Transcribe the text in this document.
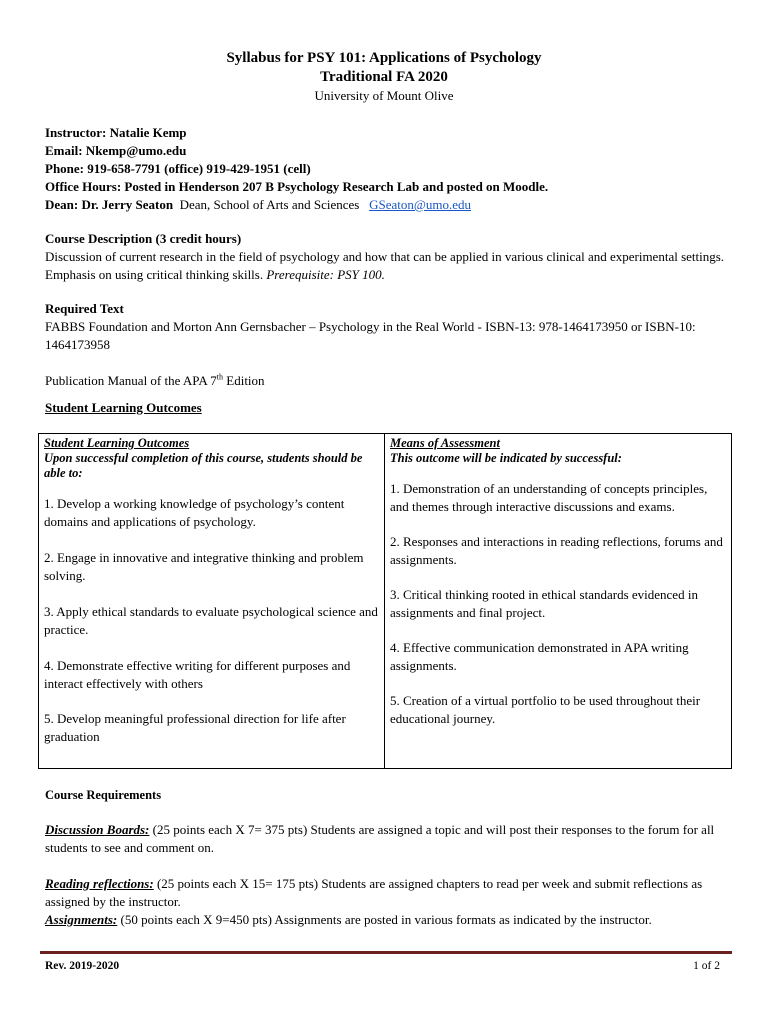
Syllabus for PSY 101: Applications of Psychology
Traditional FA 2020
University of Mount Olive
Instructor: Natalie Kemp
Email: Nkemp@umo.edu
Phone: 919-658-7791 (office) 919-429-1951 (cell)
Office Hours: Posted in Henderson 207 B Psychology Research Lab and posted on Moodle.
Dean: Dr. Jerry Seaton  Dean, School of Arts and Sciences   GSeaton@umo.edu
Course Description (3 credit hours)
Discussion of current research in the field of psychology and how that can be applied in various clinical and experimental settings. Emphasis on using critical thinking skills. Prerequisite: PSY 100.
Required Text
FABBS Foundation and Morton Ann Gernsbacher – Psychology in the Real World - ISBN-13: 978-1464173950 or ISBN-10: 1464173958
Publication Manual of the APA 7th Edition
Student Learning Outcomes
Student Learning Outcomes
Upon successful completion of this course, students should be able to:
1. Develop a working knowledge of psychology’s content domains and applications of psychology.
2. Engage in innovative and integrative thinking and problem solving.
3. Apply ethical standards to evaluate psychological science and practice.
4. Demonstrate effective writing for different purposes and interact effectively with others
5. Develop meaningful professional direction for life after graduation

Means of Assessment
This outcome will be indicated by successful:
1. Demonstration of an understanding of concepts principles, and themes through interactive discussions and exams.
2. Responses and interactions in reading reflections, forums and assignments.
3. Critical thinking rooted in ethical standards evidenced in assignments and final project.
4. Effective communication demonstrated in APA writing assignments.
5. Creation of a virtual portfolio to be used throughout their educational journey.
Course Requirements
Discussion Boards: (25 points each X 7= 375 pts) Students are assigned a topic and will post their responses to the forum for all students to see and comment on.
Reading reflections: (25 points each X 15= 175 pts) Students are assigned chapters to read per week and submit reflections as assigned by the instructor.
Assignments: (50 points each X 9=450 pts) Assignments are posted in various formats as indicated by the instructor.
Rev. 2019-2020	1 of 2
